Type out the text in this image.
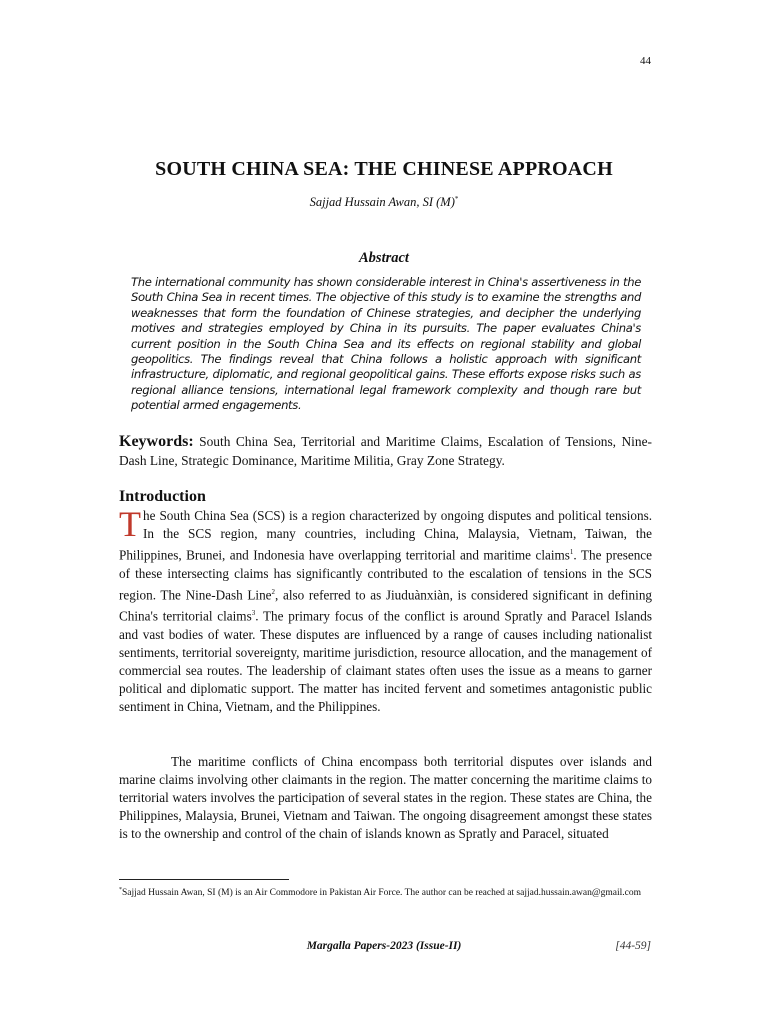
44
SOUTH CHINA SEA: THE CHINESE APPROACH
Sajjad Hussain Awan, SI (M)*
Abstract
The international community has shown considerable interest in China's assertiveness in the South China Sea in recent times. The objective of this study is to examine the strengths and weaknesses that form the foundation of Chinese strategies, and decipher the underlying motives and strategies employed by China in its pursuits. The paper evaluates China's current position in the South China Sea and its effects on regional stability and global geopolitics. The findings reveal that China follows a holistic approach with significant infrastructure, diplomatic, and regional geopolitical gains. These efforts expose risks such as regional alliance tensions, international legal framework complexity and though rare but potential armed engagements.
Keywords: South China Sea, Territorial and Maritime Claims, Escalation of Tensions, Nine-Dash Line, Strategic Dominance, Maritime Militia, Gray Zone Strategy.
Introduction
The South China Sea (SCS) is a region characterized by ongoing disputes and political tensions. In the SCS region, many countries, including China, Malaysia, Vietnam, Taiwan, the Philippines, Brunei, and Indonesia have overlapping territorial and maritime claims$^1$. The presence of these intersecting claims has significantly contributed to the escalation of tensions in the SCS region. The Nine-Dash Line$^2$, also referred to as Jiuduànxiàn, is considered significant in defining China's territorial claims$^3$. The primary focus of the conflict is around Spratly and Paracel Islands and vast bodies of water. These disputes are influenced by a range of causes including nationalist sentiments, territorial sovereignty, maritime jurisdiction, resource allocation, and the management of commercial sea routes. The leadership of claimant states often uses the issue as a means to garner political and diplomatic support. The matter has incited fervent and sometimes antagonistic public sentiment in China, Vietnam, and the Philippines.
The maritime conflicts of China encompass both territorial disputes over islands and marine claims involving other claimants in the region. The matter concerning the maritime claims to territorial waters involves the participation of several states in the region. These states are China, the Philippines, Malaysia, Brunei, Vietnam and Taiwan. The ongoing disagreement amongst these states is to the ownership and control of the chain of islands known as Spratly and Paracel, situated
*Sajjad Hussain Awan, SI (M) is an Air Commodore in Pakistan Air Force. The author can be reached at sajjad.hussain.awan@gmail.com
Margalla Papers-2023 (Issue-II)	[44-59]
